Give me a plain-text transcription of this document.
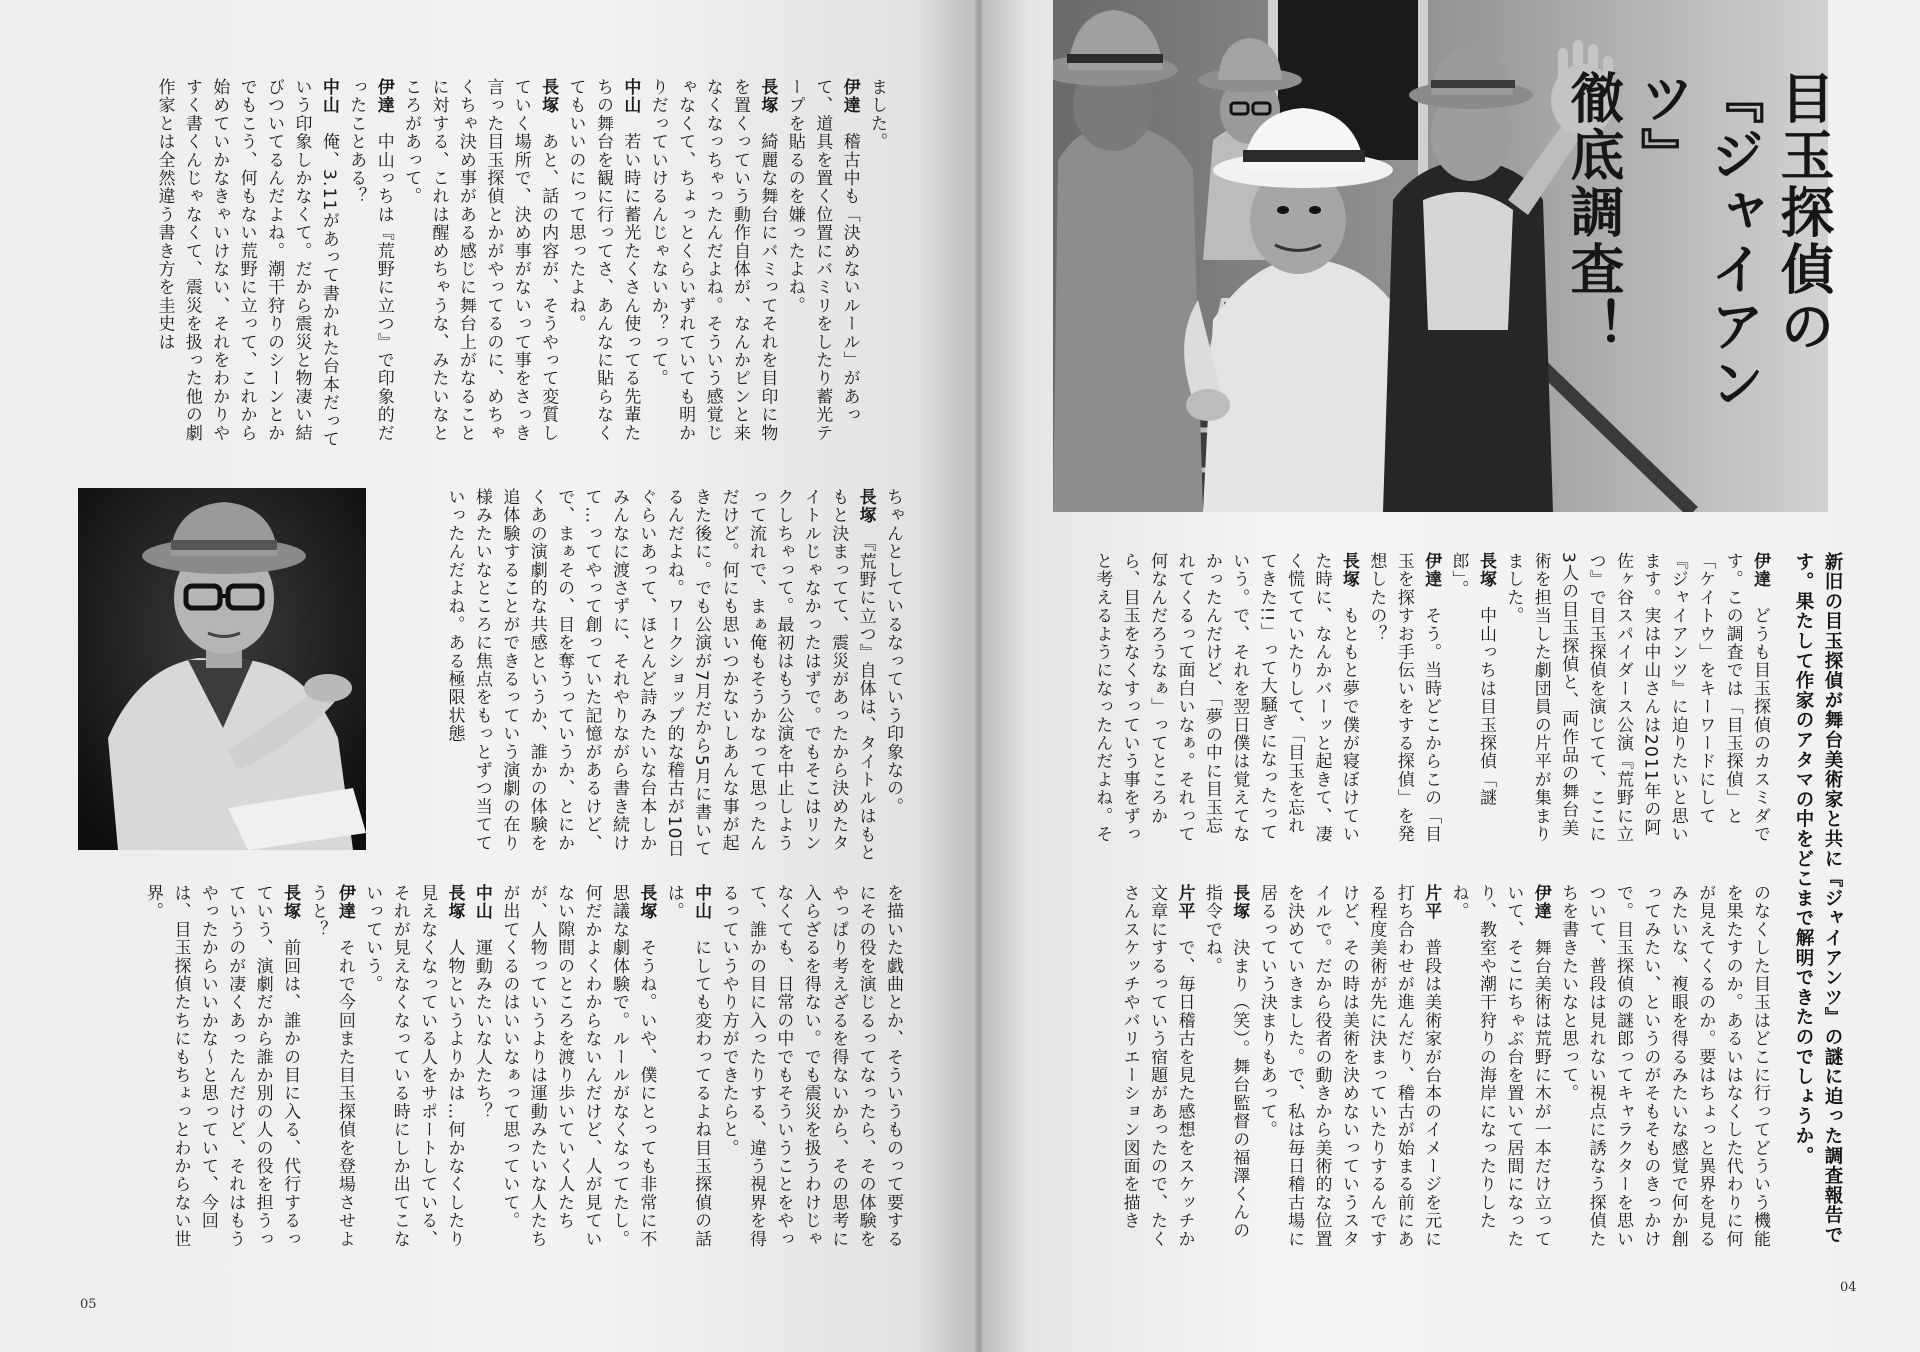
ました。
伊達　稽古中も「決めないルール」があって、道具を置く位置にバミリをしたり蓄光テープを貼るのを嫌ったよね。
長塚　綺麗な舞台にバミってそれを目印に物を置くっていう動作自体が、なんかピンと来なくなっちゃったんだよね。そういう感覚じゃなくて、ちょっとくらいずれていても明かりだっていけるんじゃないか？って。
中山　若い時に蓄光たくさん使ってる先輩たちの舞台を観に行ってさ、あんなに貼らなくてもいいのにって思ったよね。
長塚　あと、話の内容が、そうやって変質していく場所で、決め事がないって事をさっき言った目玉探偵とかがやってるのに、めちゃくちゃ決め事がある感じに舞台上がなることに対する、これは醒めちゃうな、みたいなところがあって。
伊達　中山っちは『荒野に立つ』で印象的だったことある？
中山　俺、3.11があって書かれた台本だっていう印象しかなくて。だから震災と物凄い結びついてるんだよね。潮干狩りのシーンとかでもこう、何もない荒野に立って、これから始めていかなきゃいけない、それをわかりやすく書くんじゃなくて、震災を扱った他の劇作家とは全然違う書き方を圭史は
ちゃんとしているなっていう印象なの。
長塚　『荒野に立つ』自体は、タイトルはもともと決まってて、震災があったから決めたタイトルじゃなかったはずで。でもそこはリンクしちゃって。最初はもう公演を中止しようって流れで、まぁ俺もそうかなって思ったんだけど。何にも思いつかないしあんな事が起きた後に。でも公演が7月だから5月に書いてるんだよね。ワークショップ的な稽古が10日ぐらいあって、ほとんど詩みたいな台本しかみんなに渡さずに、それやりながら書き続けて…ってやって創っていた記憶があるけど、で、まぁその、目を奪うっていうか、とにかくあの演劇的な共感というか、誰かの体験を追体験することができるっていう演劇の在り様みたいなところに焦点をもっとずつ当てていったんだよね。ある極限状態
を描いた戯曲とか、そういうものって要するにその役を演じるってなったら、その体験をやっぱり考えざるを得ないから、その思考に入らざるを得ない。でも震災を扱うわけじゃなくても、日常の中でもそういうことをやって、誰かの目に入ったりする、違う視界を得るっていうやり方ができたらと。
中山　にしても変わってるよね目玉探偵の話は。
長塚　そうね。いや、僕にとっても非常に不思議な劇体験で。ルールがなくなってたし。何だかよくわからないんだけど、人が見ていない隙間のところを渡り歩いていく人たちが、人物っていうよりは運動みたいな人たちが出てくるのはいいなぁって思っていて。
中山　運動みたいな人たち？
長塚　人物というよりかは…何かなくしたり見えなくなっている人をサポートしている、それが見えなくなっている時にしか出てこないっていう。
伊達　それで今回また目玉探偵を登場させようと？
長塚　前回は、誰かの目に入る、代行するっていう、演劇だから誰か別の人の役を担うっていうのが凄くあったんだけど、それはもうやったからいいかな〜と思っていて、今回は、目玉探偵たちにもちょっとわからない世界。
05
目玉探偵の
『ジャイアンツ』
徹底調査！
新旧の目玉探偵が舞台美術家と共に『ジャイアンツ』の謎に迫った調査報告です。果たして作家のアタマの中をどこまで解明できたのでしょうか。
伊達　どうも目玉探偵のカスミダです。この調査では「目玉探偵」と「ケイトウ」をキーワードにして『ジャイアンツ』に迫りたいと思います。実は中山さんは2011年の阿佐ヶ谷スパイダース公演『荒野に立つ』で目玉探偵を演じてて、ここに3人の目玉探偵と、両作品の舞台美術を担当した劇団員の片平が集まりました。
長塚　中山っちは目玉探偵「謎郎」。
伊達　そう。当時どこからこの「目玉を探すお手伝いをする探偵」を発想したの？
長塚　もともと夢で僕が寝ぼけていた時に、なんかバーッと起きて、凄く慌てていたりして、「目玉を忘れてきた!!」って大騒ぎになったっていう。で、それを翌日僕は覚えてなかったんだけど、「夢の中に目玉忘れてくるって面白いなぁ。それって何なんだろうなぁ」ってところから、目玉をなくすっていう事をずっと考えるようになったんだよね。そ
のなくした目玉はどこに行ってどういう機能を果たすのか。あるいはなくした代わりに何が見えてくるのか。要はちょっと異界を見るみたいな、複眼を得るみたいな感覚で何か創ってみたい、というのがそもそものきっかけで。目玉探偵の謎郎ってキャラクターを思いついて、普段は見れない視点に誘なう探偵たちを書きたいなと思って。
伊達　舞台美術は荒野に木が一本だけ立っていて、そこにちゃぶ台を置いて居間になったり、教室や潮干狩りの海岸になったりしたね。
片平　普段は美術家が台本のイメージを元に打ち合わせが進んだり、稽古が始まる前にある程度美術が先に決まっていたりするんですけど、その時は美術を決めないっていうスタイルで。だから役者の動きから美術的な位置を決めていきました。で、私は毎日稽古場に居るっていう決まりもあって。
長塚　決まり（笑）。舞台監督の福澤くんの指令でね。
片平　で、毎日稽古を見た感想をスケッチか文章にするっていう宿題があったので、たくさんスケッチやバリエーション図面を描き
04
